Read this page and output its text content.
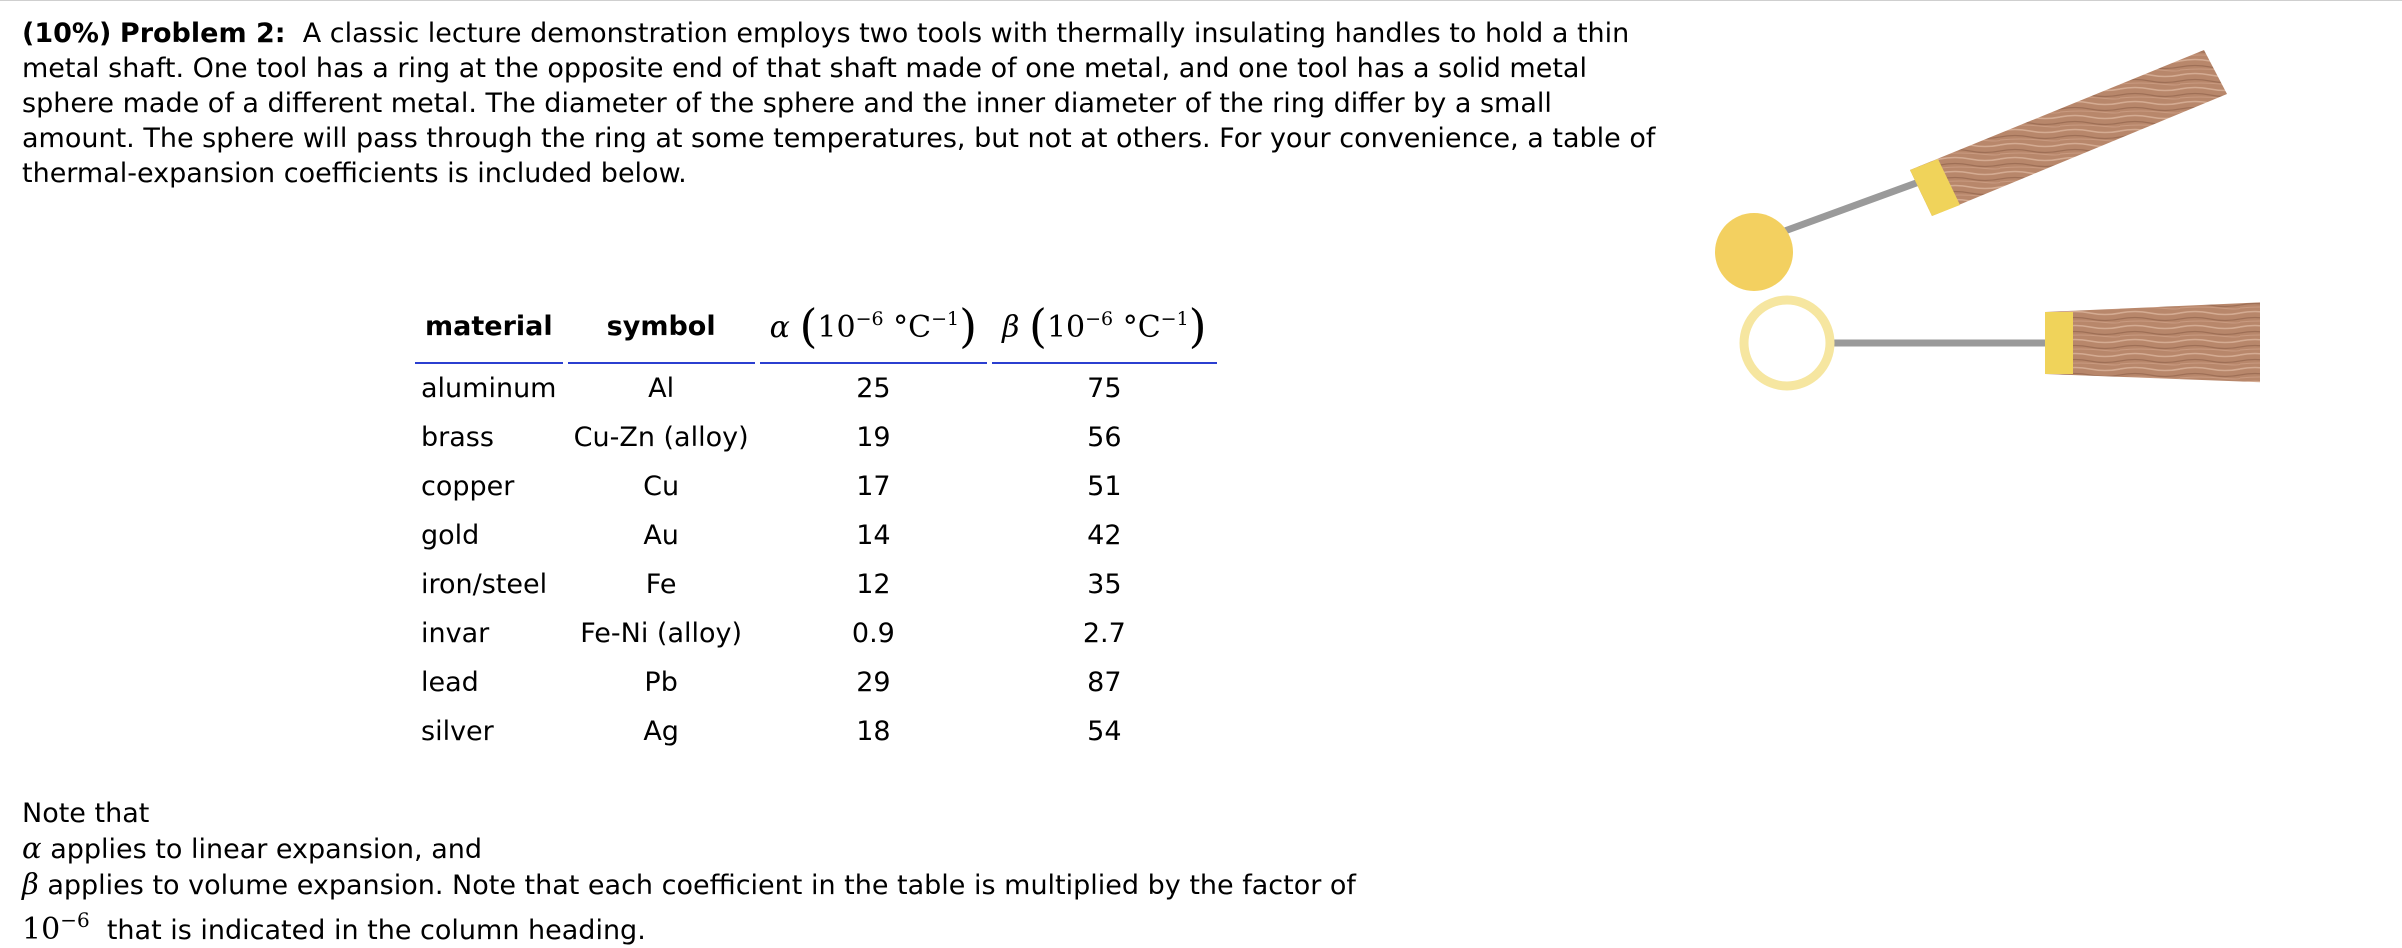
(10%) Problem 2: A classic lecture demonstration employs two tools with thermally insulating handles to hold a thin metal shaft. One tool has a ring at the opposite end of that shaft made of one metal, and one tool has a solid metal sphere made of a different metal. The diameter of the sphere and the inner diameter of the ring differ by a small amount. The sphere will pass through the ring at some temperatures, but not at others. For your convenience, a table of thermal-expansion coefficients is included below.
material	symbol	α ($10^{-6}$ $^\circ C^{-1}$)	β ($10^{-6}$ $^\circ C^{-1}$)
aluminum	Al	25	75
brass	Cu-Zn (alloy)	19	56
copper	Cu	17	51
gold	Au	14	42
iron/steel	Fe	12	35
invar	Fe-Ni (alloy)	0.9	2.7
lead	Pb	29	87
silver	Ag	18	54
Note that
α applies to linear expansion, and
β applies to volume expansion. Note that each coefficient in the table is multiplied by the factor of
$10^{-6}$ that is indicated in the column heading.
